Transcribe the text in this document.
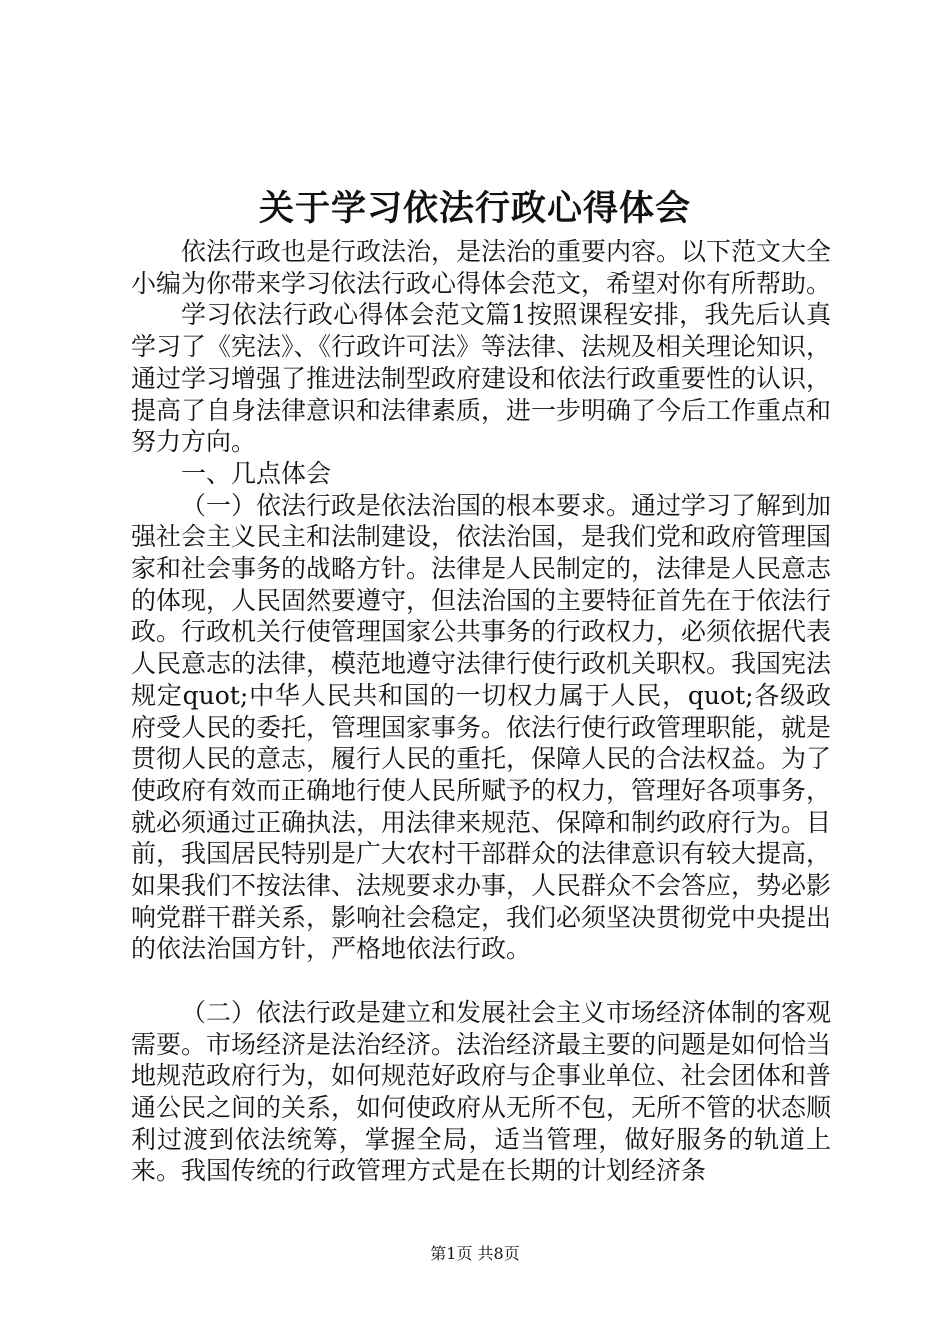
关于学习依法行政心得体会

依法行政也是行政法治，是法治的重要内容。以下范文大全小编为你带来学习依法行政心得体会范文，希望对你有所帮助。

学习依法行政心得体会范文篇1按照课程安排，我先后认真学习了《宪法》、《行政许可法》等法律、法规及相关理论知识，通过学习增强了推进法制型政府建设和依法行政重要性的认识，提高了自身法律意识和法律素质，进一步明确了今后工作重点和努力方向。

一、几点体会

（一）依法行政是依法治国的根本要求。通过学习了解到加强社会主义民主和法制建设，依法治国，是我们党和政府管理国家和社会事务的战略方针。法律是人民制定的，法律是人民意志的体现，人民固然要遵守，但法治国的主要特征首先在于依法行政。行政机关行使管理国家公共事务的行政权力，必须依据代表人民意志的法律，模范地遵守法律行使行政机关职权。我国宪法规定quot;中华人民共和国的一切权力属于人民，quot;各级政府受人民的委托，管理国家事务。依法行使行政管理职能，就是贯彻人民的意志，履行人民的重托，保障人民的合法权益。为了使政府有效而正确地行使人民所赋予的权力，管理好各项事务，就必须通过正确执法，用法律来规范、保障和制约政府行为。目前，我国居民特别是广大农村干部群众的法律意识有较大提高，如果我们不按法律、法规要求办事，人民群众不会答应，势必影响党群干群关系，影响社会稳定，我们必须坚决贯彻党中央提出的依法治国方针，严格地依法行政。

（二）依法行政是建立和发展社会主义市场经济体制的客观需要。市场经济是法治经济。法治经济最主要的问题是如何恰当地规范政府行为，如何规范好政府与企事业单位、社会团体和普通公民之间的关系，如何使政府从无所不包，无所不管的状态顺利过渡到依法统筹，掌握全局，适当管理，做好服务的轨道上来。我国传统的行政管理方式是在长期的计划经济条

第1页 共8页
